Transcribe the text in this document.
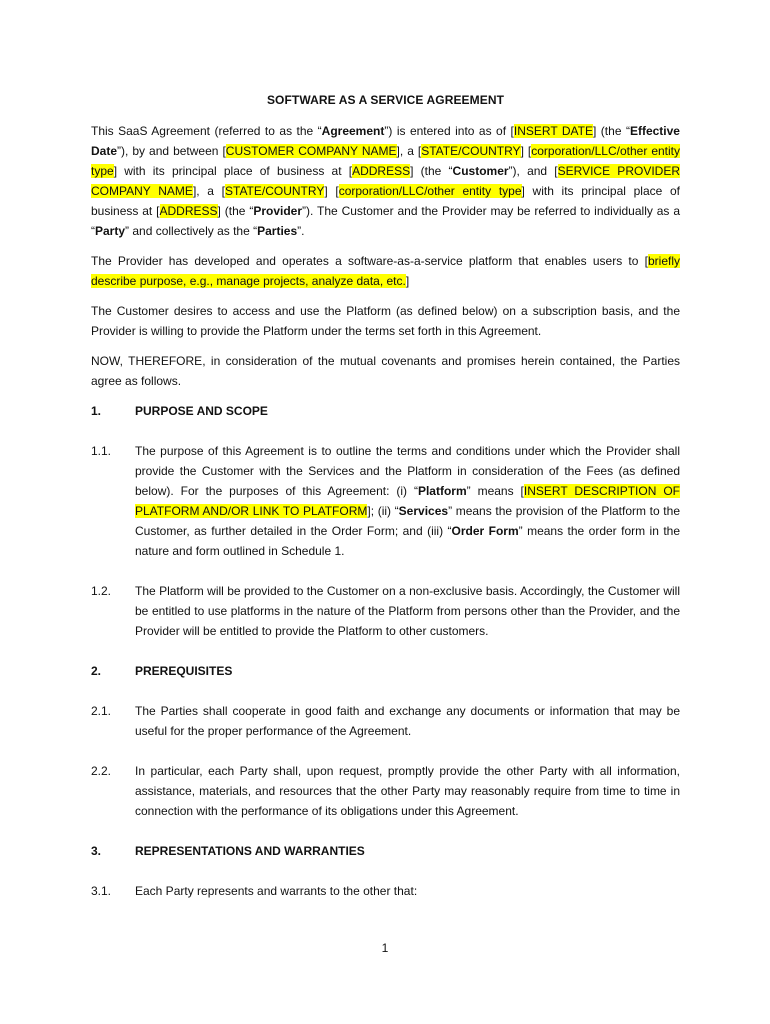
SOFTWARE AS A SERVICE AGREEMENT

This SaaS Agreement (referred to as the “Agreement”) is entered into as of [INSERT DATE] (the “Effective Date”), by and between [CUSTOMER COMPANY NAME], a [STATE/COUNTRY] [corporation/LLC/other entity type] with its principal place of business at [ADDRESS] (the “Customer”), and [SERVICE PROVIDER COMPANY NAME], a [STATE/COUNTRY] [corporation/LLC/other entity type] with its principal place of business at [ADDRESS] (the “Provider”). The Customer and the Provider may be referred to individually as a “Party” and collectively as the “Parties”.

The Provider has developed and operates a software-as-a-service platform that enables users to [briefly describe purpose, e.g., manage projects, analyze data, etc.]

The Customer desires to access and use the Platform (as defined below) on a subscription basis, and the Provider is willing to provide the Platform under the terms set forth in this Agreement.

NOW, THEREFORE, in consideration of the mutual covenants and promises herein contained, the Parties agree as follows.

1.	PURPOSE AND SCOPE
1.1.	The purpose of this Agreement is to outline the terms and conditions under which the Provider shall provide the Customer with the Services and the Platform in consideration of the Fees (as defined below). For the purposes of this Agreement: (i) “Platform” means [INSERT DESCRIPTION OF PLATFORM AND/OR LINK TO PLATFORM]; (ii) “Services” means the provision of the Platform to the Customer, as further detailed in the Order Form; and (iii) “Order Form” means the order form in the nature and form outlined in Schedule 1.
1.2.	The Platform will be provided to the Customer on a non-exclusive basis. Accordingly, the Customer will be entitled to use platforms in the nature of the Platform from persons other than the Provider, and the Provider will be entitled to provide the Platform to other customers.
2.	PREREQUISITES
2.1.	The Parties shall cooperate in good faith and exchange any documents or information that may be useful for the proper performance of the Agreement.
2.2.	In particular, each Party shall, upon request, promptly provide the other Party with all information, assistance, materials, and resources that the other Party may reasonably require from time to time in connection with the performance of its obligations under this Agreement.
3.	REPRESENTATIONS AND WARRANTIES
3.1.	Each Party represents and warrants to the other that:
1
